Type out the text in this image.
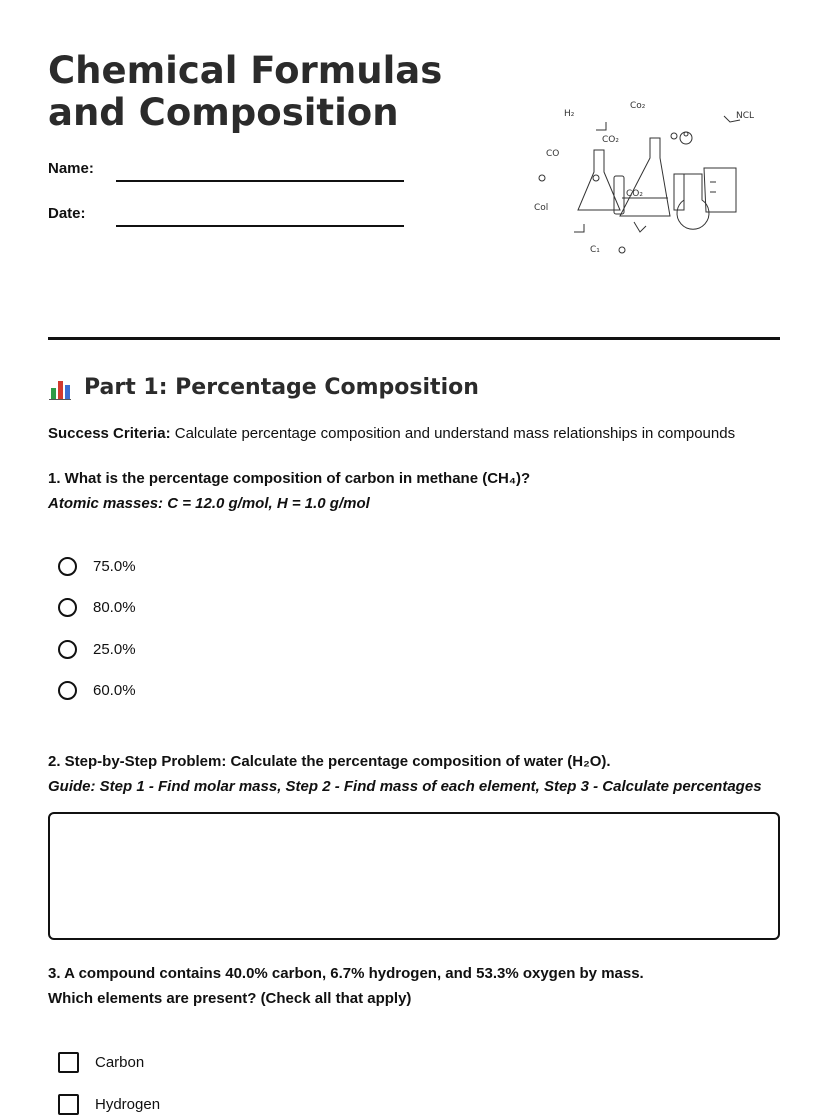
Chemical Formulas and Composition
Name:
Date:
H₂
CO₂
Co₂
NCL
CO₂
Col
CO
C₁
Part 1: Percentage Composition
Success Criteria: Calculate percentage composition and understand mass relationships in compounds
1. What is the percentage composition of carbon in methane (CH₄)?
Atomic masses: C = 12.0 g/mol, H = 1.0 g/mol
75.0%
80.0%
25.0%
60.0%
2. Step-by-Step Problem: Calculate the percentage composition of water (H₂O).
Guide: Step 1 - Find molar mass, Step 2 - Find mass of each element, Step 3 - Calculate percentages
3. A compound contains 40.0% carbon, 6.7% hydrogen, and 53.3% oxygen by mass.
Which elements are present? (Check all that apply)
Carbon
Hydrogen
